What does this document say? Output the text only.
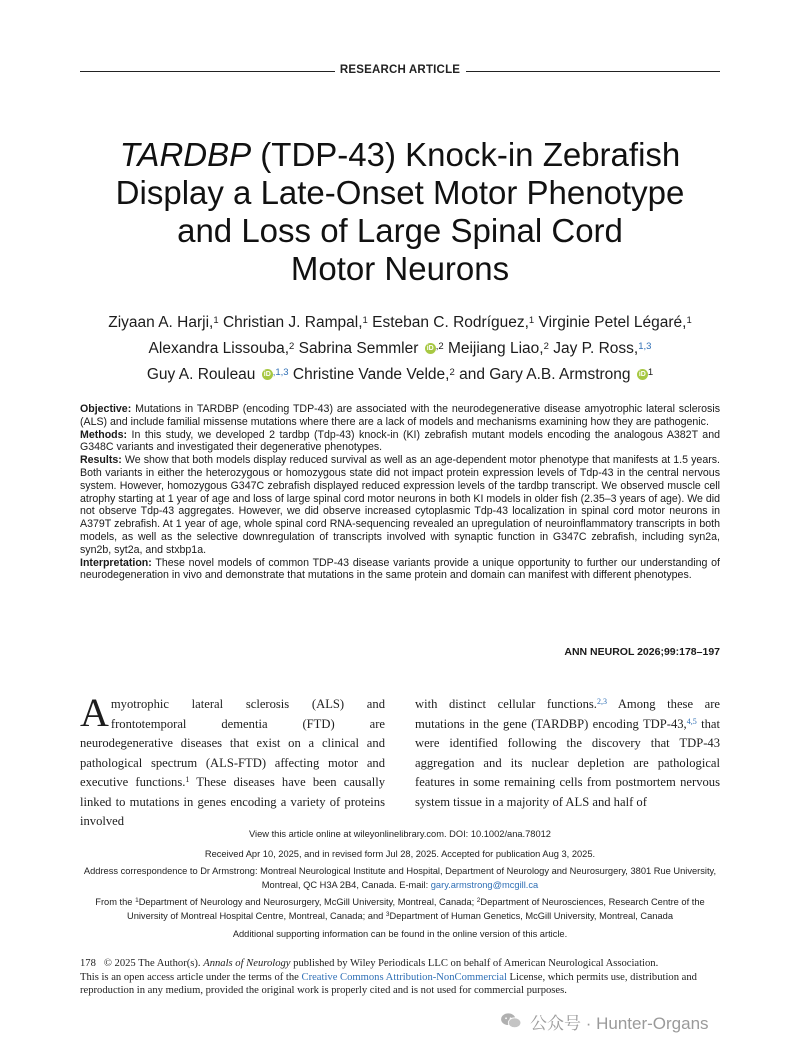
RESEARCH ARTICLE
TARDBP (TDP-43) Knock-in Zebrafish
Display a Late-Onset Motor Phenotype
and Loss of Large Spinal Cord
Motor Neurons
Ziyaan A. Harji,$^1$ Christian J. Rampal,$^1$ Esteban C. Rodríguez,$^1$ Virginie Petel Légaré,$^1$
Alexandra Lissouba,$^2$ Sabrina Semmler iD $^{,2}$ Meijiang Liao,$^2$ Jay P. Ross,$^{1,3}$
Guy A. Rouleau iD $^{,1,3}$ Christine Vande Velde,$^2$ and Gary A.B. Armstrong iD $^1$

Objective: Mutations in TARDBP (encoding TDP-43) are associated with the neurodegenerative disease amyotrophic lateral sclerosis (ALS) and include familial missense mutations where there are a lack of models and mechanisms examining how they are pathogenic.

Methods: In this study, we developed 2 tardbp (Tdp-43) knock-in (KI) zebrafish mutant models encoding the analogous A382T and G348C variants and investigated their degenerative phenotypes.

Results: We show that both models display reduced survival as well as an age-dependent motor phenotype that manifests at 1.5 years. Both variants in either the heterozygous or homozygous state did not impact protein expression levels of Tdp-43 in the central nervous system. However, homozygous G347C zebrafish displayed reduced expression levels of the tardbp transcript. We observed muscle cell atrophy starting at 1 year of age and loss of large spinal cord motor neurons in both KI models in older fish (2.35–3 years of age). We did not observe Tdp-43 aggregates. However, we did observe increased cytoplasmic Tdp-43 localization in spinal cord motor neurons in A379T zebrafish. At 1 year of age, whole spinal cord RNA-sequencing revealed an upregulation of neuroinflammatory transcripts in both models, as well as the selective downregulation of transcripts involved with synaptic function in G347C zebrafish, including syn2a, syn2b, syt2a, and stxbp1a.

Interpretation: These novel models of common TDP-43 disease variants provide a unique opportunity to further our understanding of neurodegeneration in vivo and demonstrate that mutations in the same protein and domain can manifest with different phenotypes.

ANN NEUROL 2026;99:178–197

Amyotrophic lateral sclerosis (ALS) and frontotemporal dementia (FTD) are neurodegenerative diseases that exist on a clinical and pathological spectrum (ALS-FTD) affecting motor and executive functions.$^1$ These diseases have been causally linked to mutations in genes encoding a variety of proteins involved

with distinct cellular functions.$^{2,3}$ Among these are mutations in the gene (TARDBP) encoding TDP-43,$^{4,5}$ that were identified following the discovery that TDP-43 aggregation and its nuclear depletion are pathological features in some remaining cells from postmortem nervous system tissue in a majority of ALS and half of

View this article online at wileyonlinelibrary.com. DOI: 10.1002/ana.78012
Received Apr 10, 2025, and in revised form Jul 28, 2025. Accepted for publication Aug 3, 2025.
Address correspondence to Dr Armstrong: Montreal Neurological Institute and Hospital, Department of Neurology and Neurosurgery, 3801 Rue University, Montreal, QC H3A 2B4, Canada. E-mail: gary.armstrong@mcgill.ca
From the $^1$Department of Neurology and Neurosurgery, McGill University, Montreal, Canada; $^2$Department of Neurosciences, Research Centre of the University of Montreal Hospital Centre, Montreal, Canada; and $^3$Department of Human Genetics, McGill University, Montreal, Canada
Additional supporting information can be found in the online version of this article.

178 © 2025 The Author(s). Annals of Neurology published by Wiley Periodicals LLC on behalf of American Neurological Association.

This is an open access article under the terms of the Creative Commons Attribution-NonCommercial License, which permits use, distribution and reproduction in any medium, provided the original work is properly cited and is not used for commercial purposes.

公众号 · Hunter-Organs
